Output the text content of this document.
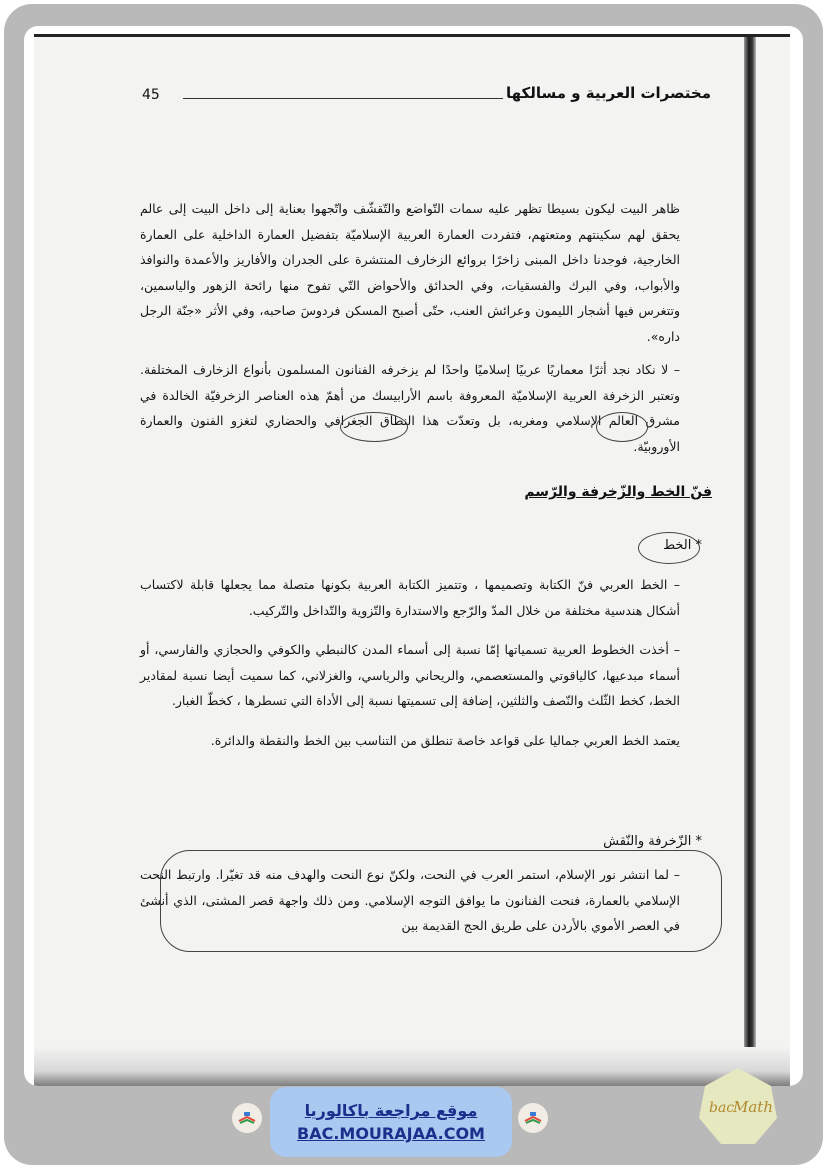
مختصرات العربية و مسالكها
45

ظاهر البيت ليكون بسيطا تظهر عليه سمات التّواضع والتّقشّف واتّجهوا بعناية إلى داخل البيت إلى عالم يحقق لهم سكينتهم ومتعتهم، فتفردت العمارة العربية الإسلاميّة بتفضيل العمارة الداخلية على العمارة الخارجية، فوجدنا داخل المبنى زاخرًا بروائع الزخارف المنتشرة على الجدران والأفاريز والأعمدة والنوافذ والأبواب، وفي البرك والفسقيات، وفي الحدائق والأحواض التّي تفوح منها رائحة الزهور والياسمين، وتتغرس فيها أشجار الليمون وعرائش العنب، حتّى أصبح المسكن فردوسَ صاحبه، وفي الأثر «جنّة الرجل داره».

– لا نكاد نجد أثرًا معماريًا عربيًا إسلاميًا واحدًا لم يزخرفه الفنانون المسلمون بأنواع الزخارف المختلفة. وتعتبر الزخرفة العربية الإسلاميّة المعروفة باسم الأرابيسك من أهمّ هذه العناصر الزخرفيّة الخالدة في مشرق العالم الإسلامي ومغربه، بل وتعدّت هذا النطاق الجغرافي والحضاري لتغزو الفنون والعمارة الأوروبيّة.

فنّ الخط والزّخرفة والرّسم
* الخط

– الخط العربي فنّ الكتابة وتصميمها ، وتتميز الكتابة العربية بكونها متصلة مما يجعلها قابلة لاكتساب أشكال هندسية مختلفة من خلال المدّ والرّجع والاستدارة والتّزوية والتّداخل والتّركيب.

– أخذت الخطوط العربية تسمياتها إمّا نسبة إلى أسماء المدن كالنبطي والكوفي والحجازي والفارسي، أو أسماء مبدعيها، كالياقوتي والمستعصمي، والريحاني والرياسي، والغزلاني، كما سميت أيضا نسبة لمقادير الخط، كخط الثّلث والنّصف والثلثين، إضافة إلى تسميتها نسبة إلى الأداة التي تسطرها ، كخطّ الغبار.

يعتمد الخط العربي جماليا على قواعد خاصة تنطلق من التناسب بين الخط والنقطة والدائرة.

* الزّخرفة والنّقش

– لما انتشر نور الإسلام، استمر العرب في النحت، ولكنّ نوع النحت والهدف منه قد تغيّرا. وارتبط النحت الإسلامي بالعمارة، فنحت الفنانون ما يوافق التوجه الإسلامي. ومن ذلك واجهة قصر المشتى، الذي أنشئ في العصر الأموي بالأردن على طريق الحج القديمة بين

موقع مراجعة باكالوريا
BAC.MOURAJAA.COM
bac
Math
